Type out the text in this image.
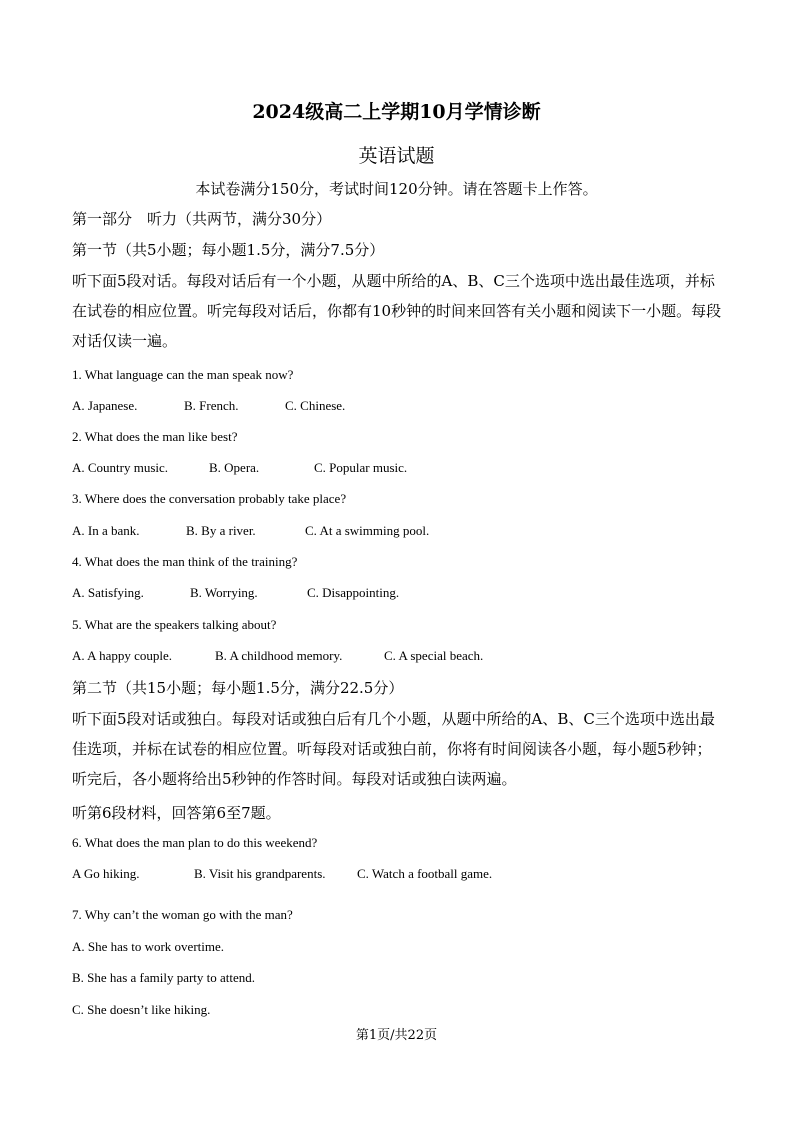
2024级高二上学期10月学情诊断
英语试题
本试卷满分150分，考试时间120分钟。请在答题卡上作答。
第一部分　听力（共两节，满分30分）
第一节（共5小题；每小题1.5分，满分7.5分）
听下面5段对话。每段对话后有一个小题，从题中所给的A、B、C三个选项中选出最佳选项，并标在试卷的相应位置。听完每段对话后，你都有10秒钟的时间来回答有关小题和阅读下一小题。每段对话仅读一遍。
1. What language can the man speak now?
A. Japanese.	B. French.	C. Chinese.
2. What does the man like best?
A. Country music.	B. Opera.	C. Popular music.
3. Where does the conversation probably take place?
A. In a bank.	B. By a river.	C. At a swimming pool.
4. What does the man think of the training?
A. Satisfying.	B. Worrying.	C. Disappointing.
5. What are the speakers talking about?
A. A happy couple.	B. A childhood memory.	C. A special beach.
第二节（共15小题；每小题1.5分，满分22.5分）
听下面5段对话或独白。每段对话或独白后有几个小题，从题中所给的A、B、C三个选项中选出最佳选项，并标在试卷的相应位置。听每段对话或独白前，你将有时间阅读各小题，每小题5秒钟；听完后，各小题将给出5秒钟的作答时间。每段对话或独白读两遍。
听第6段材料，回答第6至7题。
6. What does the man plan to do this weekend?
A Go hiking.	B. Visit his grandparents. C. Watch a football game.
7. Why can’t the woman go with the man?
A. She has to work overtime.
B. She has a family party to attend.
C. She doesn’t like hiking.
第1页/共22页
